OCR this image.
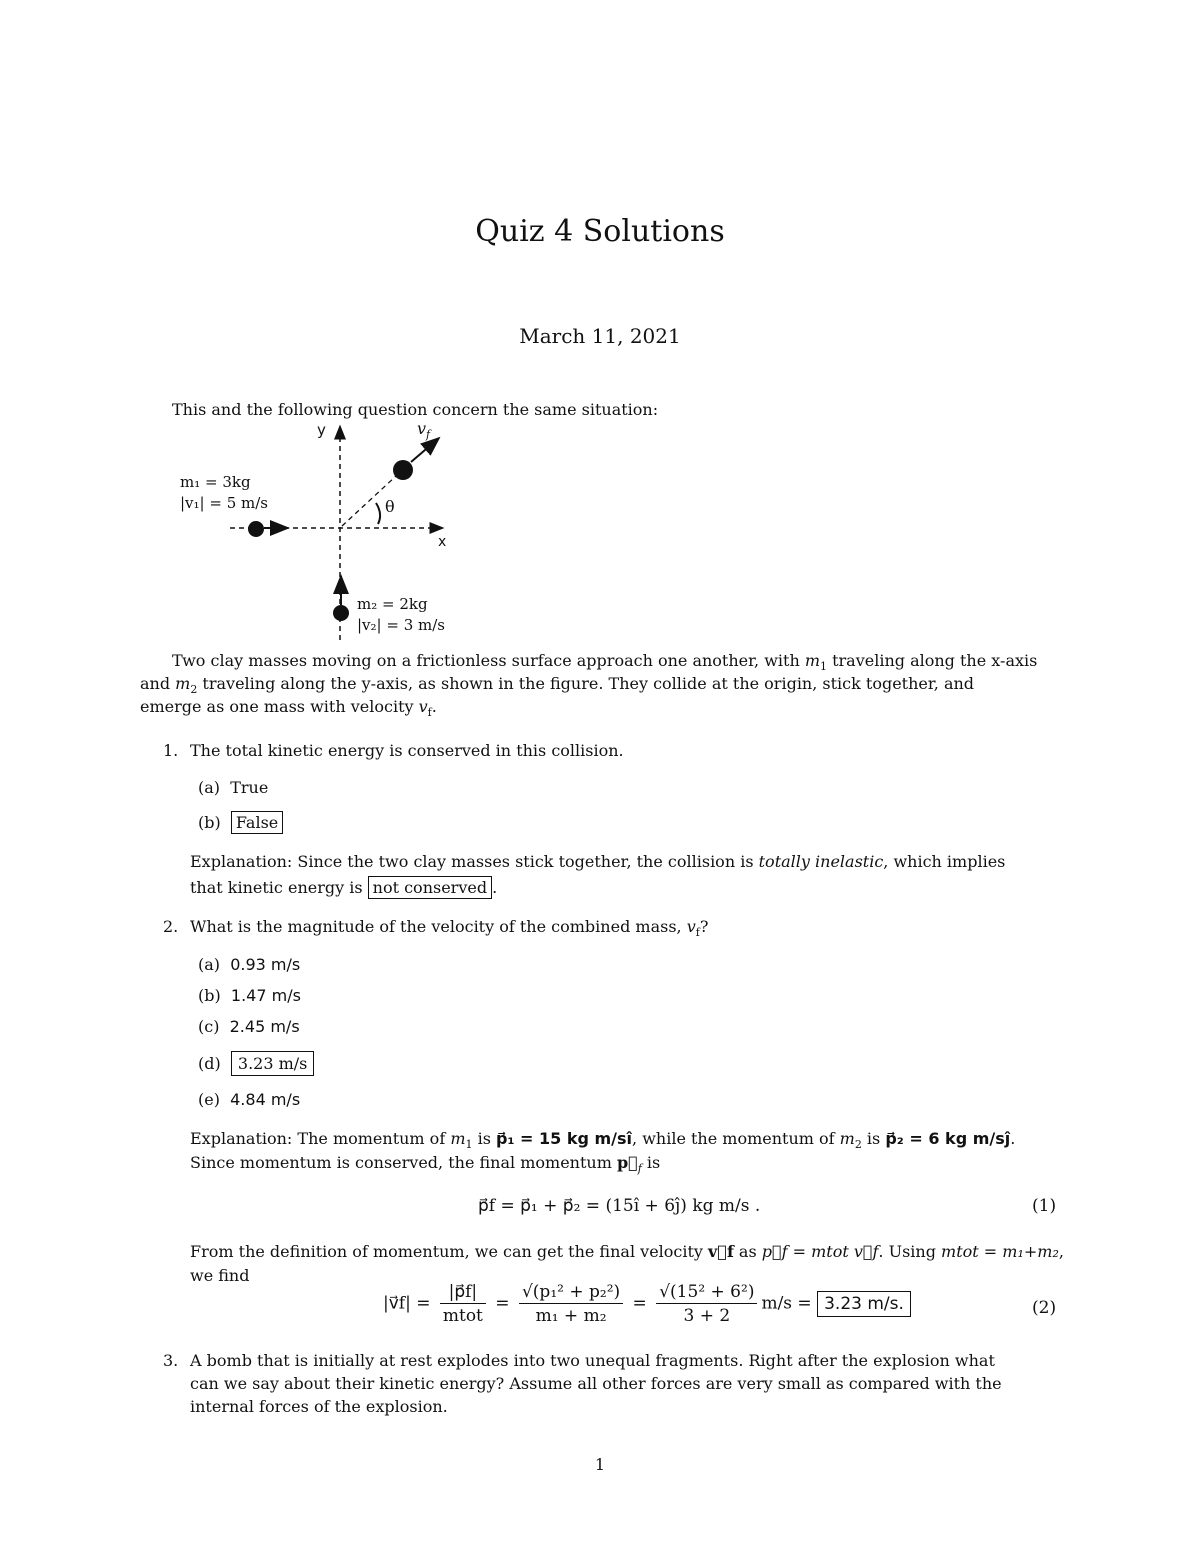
Quiz 4 Solutions
March 11, 2021
This and the following question concern the same situation:
y
x
$v_f$
θ
m₁ = 3kg
|v₁| = 5 m/s
m₂ = 2kg
|v₂| = 3 m/s
Two clay masses moving on a frictionless surface approach one another, with $m_1$ traveling along the x-axis
and $m_2$ traveling along the y-axis, as shown in the figure. They collide at the origin, stick together, and
emerge as one mass with velocity $v_f$.
1. The total kinetic energy is conserved in this collision.
(a) True
(b) False
Explanation: Since the two clay masses stick together, the collision is totally inelastic, which implies
that kinetic energy is not conserved .
2. What is the magnitude of the velocity of the combined mass, $v_f$?
(a) 0.93 m/s
(b) 1.47 m/s
(c) 2.45 m/s
(d) 3.23 m/s
(e) 4.84 m/s
Explanation: The momentum of $m_1$ is p⃗₁ = 15 kg m/sî, while the momentum of $m_2$ is p⃗₂ = 6 kg m/sĵ.
Since momentum is conserved, the final momentum $p⃗_f$ is
p⃗f = p⃗₁ + p⃗₂ = (15î + 6ĵ) kg m/s .	(1)
From the definition of momentum, we can get the final velocity v⃗f as p⃗f = mtot v⃗f. Using mtot = m₁+m₂,
we find
|v⃗f| = $\frac{|p⃗f|}{\text{mtot}} = \frac{\text{√(p₁² + p₂²)}}{\text{m₁ + m₂}} = \frac{\text{√(15² + 6²)}}{3 + 2} m/s = 3.23$ m/s.	(2)
3. A bomb that is initially at rest explodes into two unequal fragments. Right after the explosion what
can we say about their kinetic energy? Assume all other forces are very small as compared with the
internal forces of the explosion.
1
